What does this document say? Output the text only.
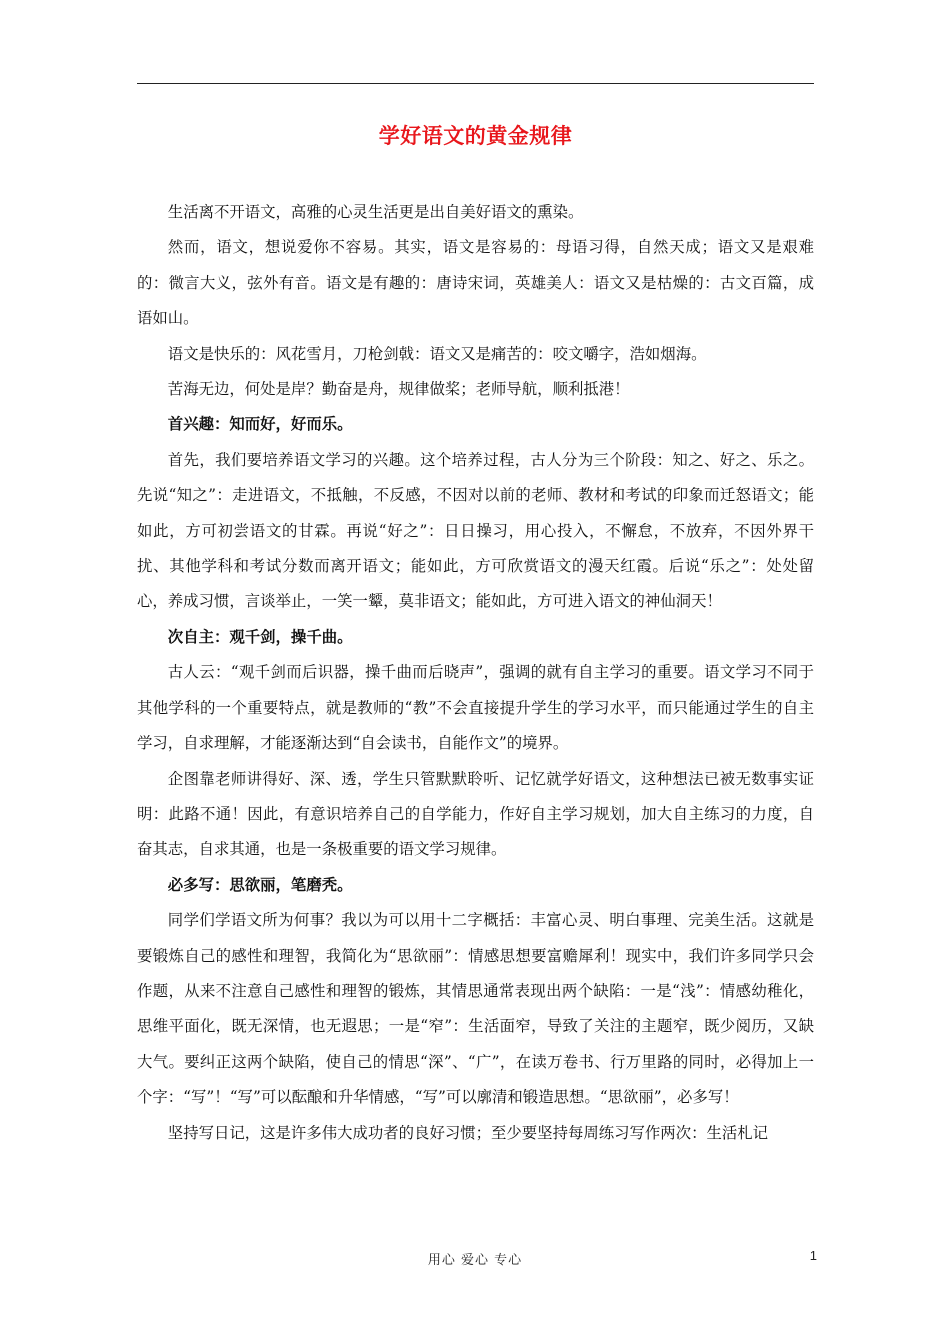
学好语文的黄金规律

生活离不开语文，高雅的心灵生活更是出自美好语文的熏染。

然而，语文，想说爱你不容易。其实，语文是容易的：母语习得，自然天成；语文又是艰难的：微言大义，弦外有音。语文是有趣的：唐诗宋词，英雄美人：语文又是枯燥的：古文百篇，成语如山。

语文是快乐的：风花雪月，刀枪剑戟：语文又是痛苦的：咬文嚼字，浩如烟海。

苦海无边，何处是岸？勤奋是舟，规律做桨；老师导航，顺利抵港！

首兴趣：知而好，好而乐。

首先，我们要培养语文学习的兴趣。这个培养过程，古人分为三个阶段：知之、好之、乐之。先说“知之”：走进语文，不抵触，不反感，不因对以前的老师、教材和考试的印象而迁怒语文；能如此，方可初尝语文的甘霖。再说“好之”：日日操习，用心投入，不懈怠，不放弃，不因外界干扰、其他学科和考试分数而离开语文；能如此，方可欣赏语文的漫天红霞。后说“乐之”：处处留心，养成习惯，言谈举止，一笑一颦，莫非语文；能如此，方可进入语文的神仙洞天！

次自主：观千剑，操千曲。

古人云：“观千剑而后识器，操千曲而后晓声”，强调的就有自主学习的重要。语文学习不同于其他学科的一个重要特点，就是教师的“教”不会直接提升学生的学习水平，而只能通过学生的自主学习，自求理解，才能逐渐达到“自会读书，自能作文”的境界。

企图靠老师讲得好、深、透，学生只管默默聆听、记忆就学好语文，这种想法已被无数事实证明：此路不通！因此，有意识培养自己的自学能力，作好自主学习规划，加大自主练习的力度，自奋其志，自求其通，也是一条极重要的语文学习规律。

必多写：思欲丽，笔磨秃。

同学们学语文所为何事？我以为可以用十二字概括：丰富心灵、明白事理、完美生活。这就是要锻炼自己的感性和理智，我简化为“思欲丽”：情感思想要富赡犀利！现实中，我们许多同学只会作题，从来不注意自己感性和理智的锻炼，其情思通常表现出两个缺陷：一是“浅”：情感幼稚化，思维平面化，既无深情，也无遐思；一是“窄”：生活面窄，导致了关注的主题窄，既少阅历，又缺大气。要纠正这两个缺陷，使自己的情思“深”、“广”，在读万卷书、行万里路的同时，必得加上一个字：“写”！“写”可以酝酿和升华情感，“写”可以廓清和锻造思想。“思欲丽”，必多写！

坚持写日记，这是许多伟大成功者的良好习惯；至少要坚持每周练习写作两次：生活札记

用心 爱心 专心	1
